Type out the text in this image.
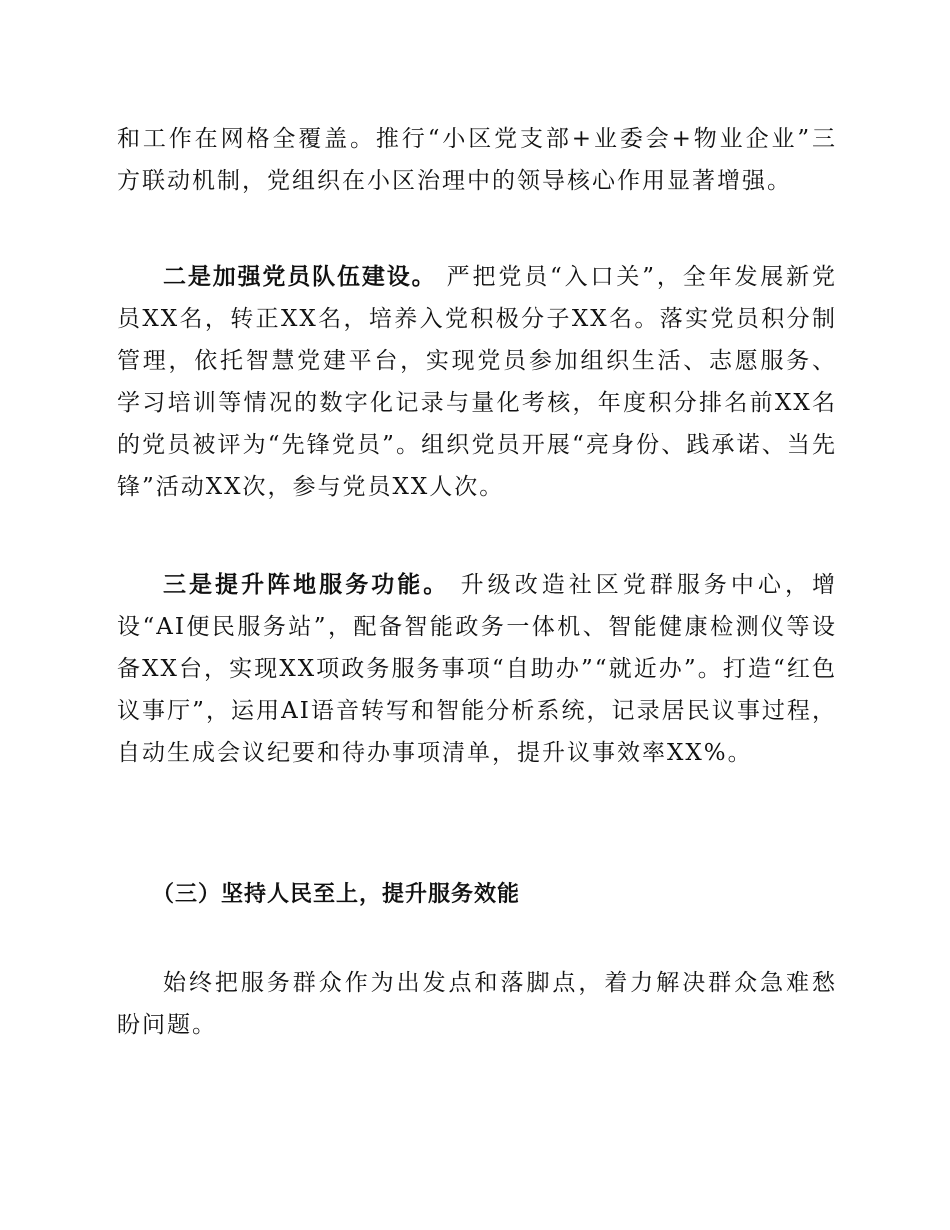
和工作在网格全覆盖。推行“小区党支部+业委会+物业企业”三方联动机制，党组织在小区治理中的领导核心作用显著增强。

二是加强党员队伍建设。 严把党员“入口关”，全年发展新党员XX名，转正XX名，培养入党积极分子XX名。落实党员积分制管理，依托智慧党建平台，实现党员参加组织生活、志愿服务、学习培训等情况的数字化记录与量化考核，年度积分排名前XX名的党员被评为“先锋党员”。组织党员开展“亮身份、践承诺、当先锋”活动XX次，参与党员XX人次。

三是提升阵地服务功能。 升级改造社区党群服务中心，增设“AI便民服务站”，配备智能政务一体机、智能健康检测仪等设备XX台，实现XX项政务服务事项“自助办”“就近办”。打造“红色议事厅”，运用AI语音转写和智能分析系统，记录居民议事过程，自动生成会议纪要和待办事项清单，提升议事效率XX%。

（三）坚持人民至上，提升服务效能

始终把服务群众作为出发点和落脚点，着力解决群众急难愁盼问题。
